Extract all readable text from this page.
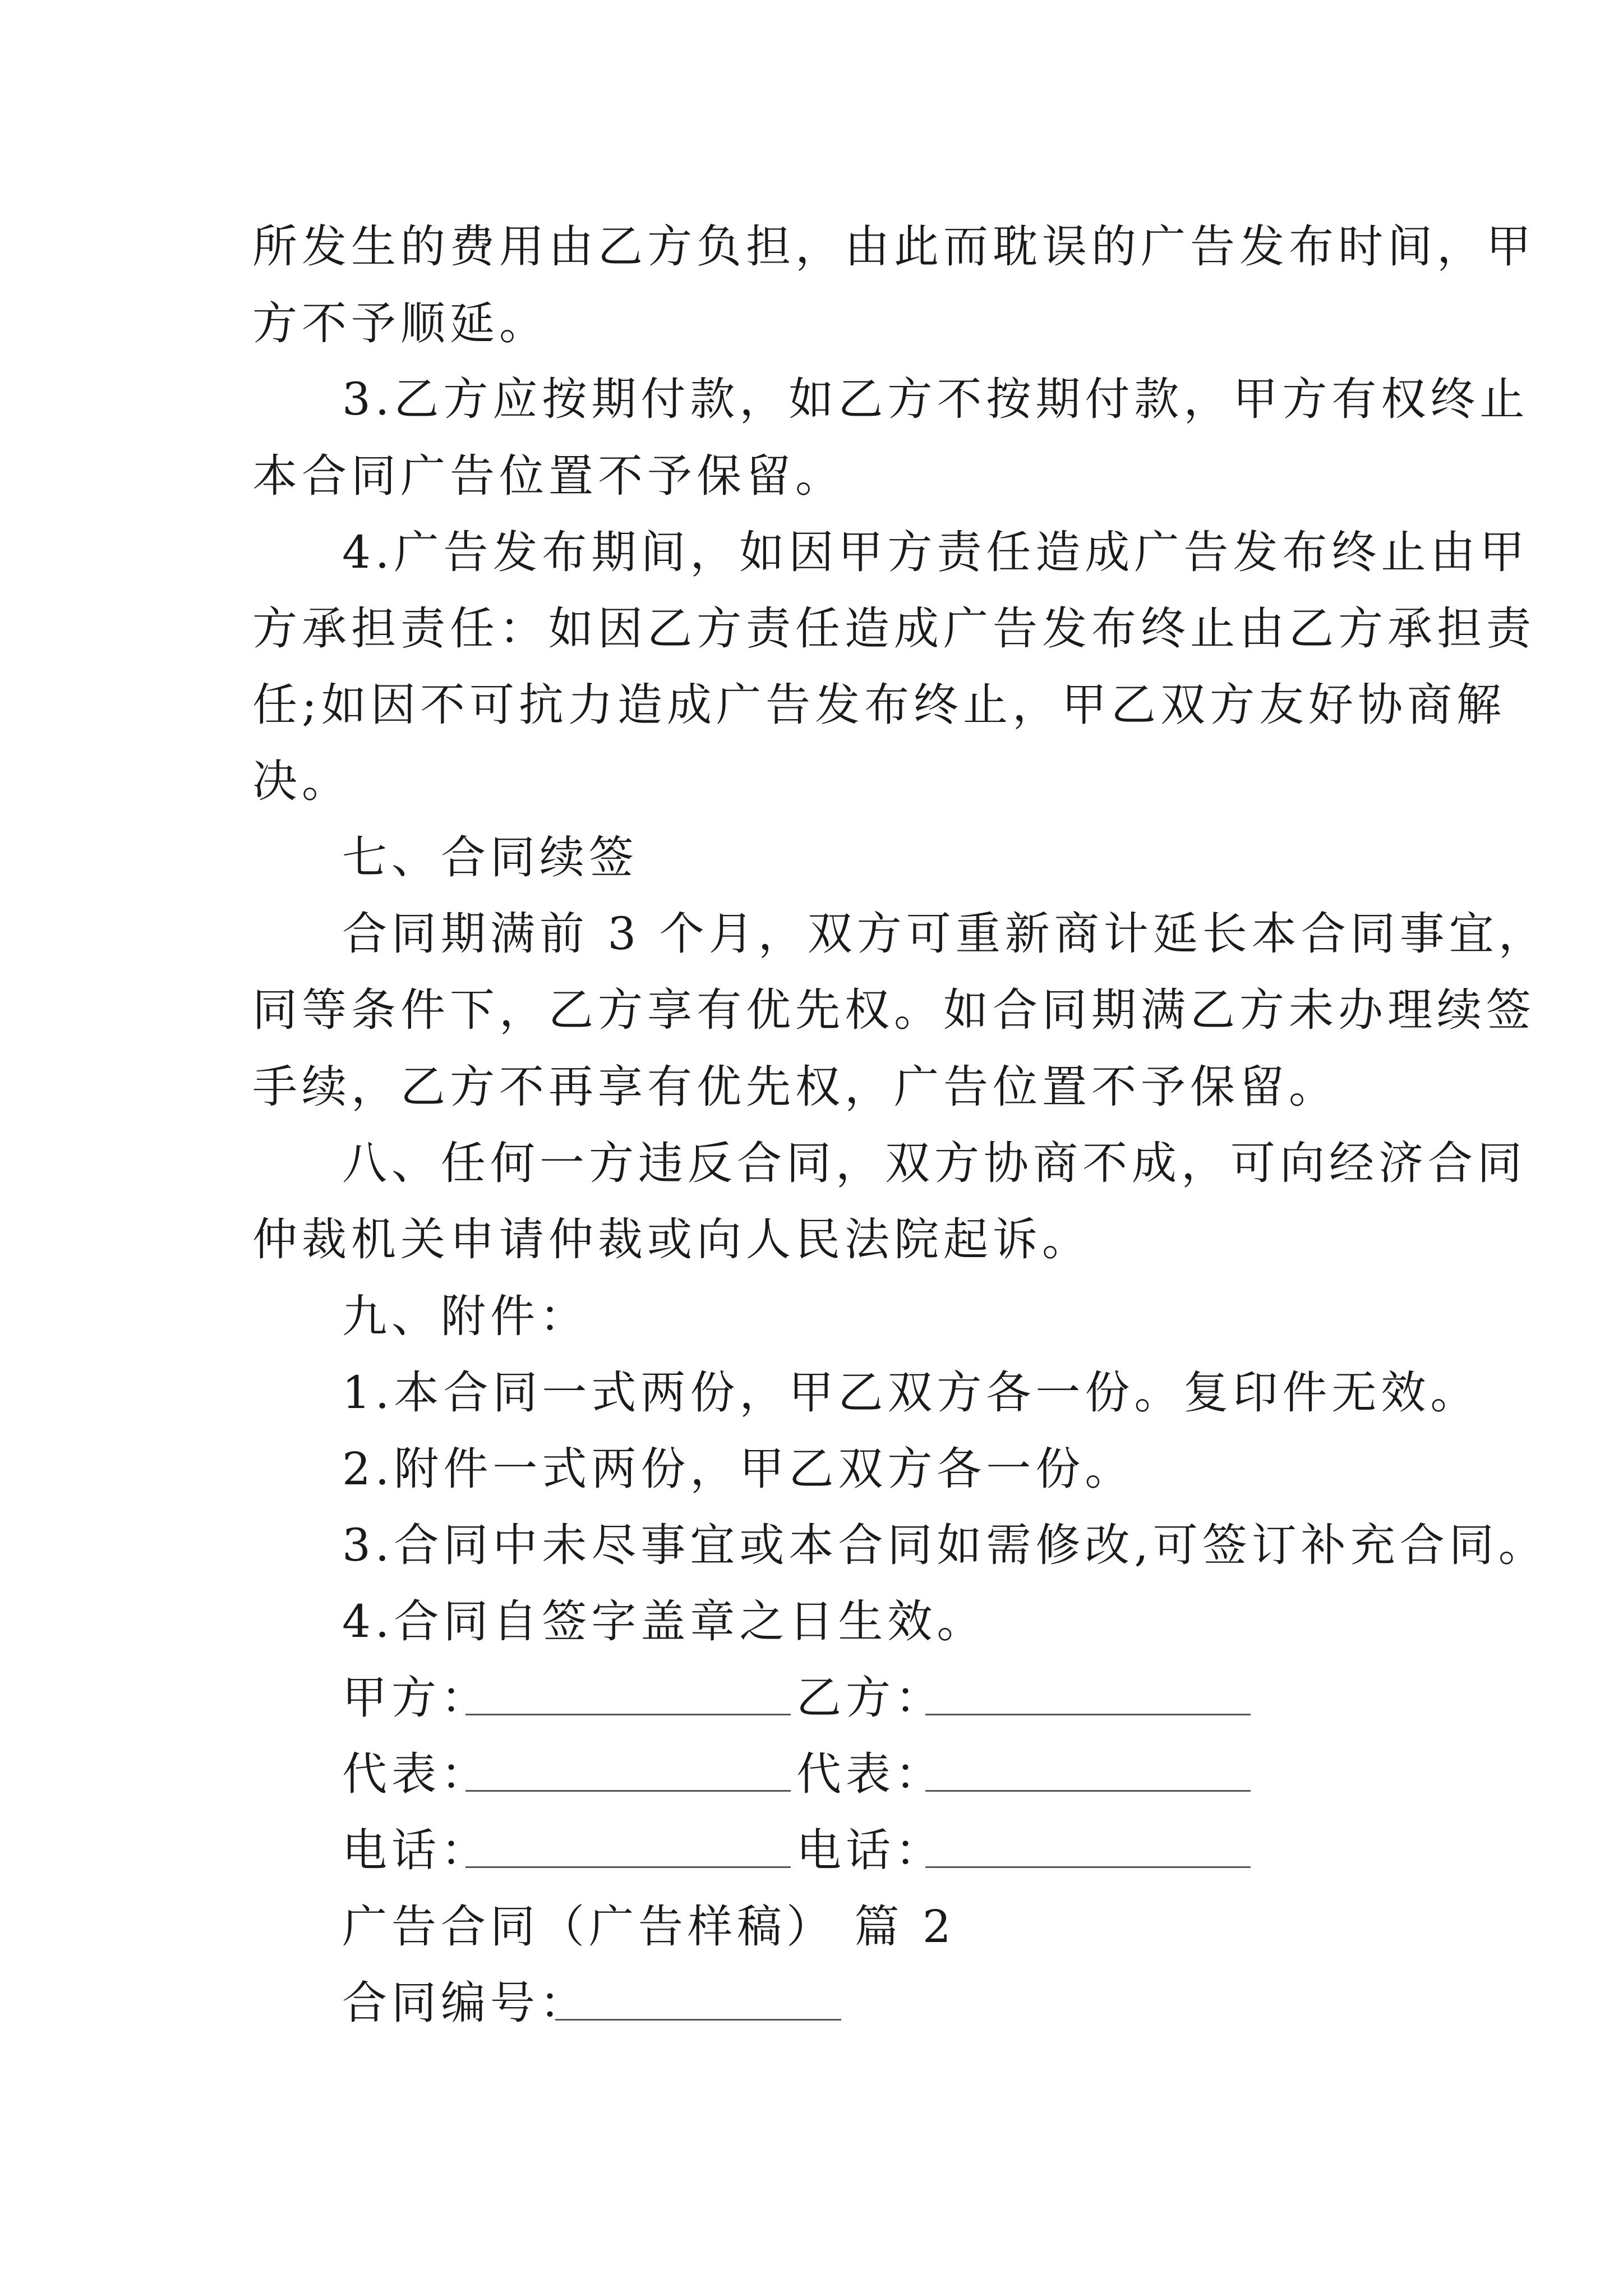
所发生的费用由乙方负担，由此而耽误的广告发布时间，甲
方不予顺延。
3.乙方应按期付款，如乙方不按期付款，甲方有权终止
本合同广告位置不予保留。
4.广告发布期间，如因甲方责任造成广告发布终止由甲
方承担责任：如因乙方责任造成广告发布终止由乙方承担责
任;如因不可抗力造成广告发布终止，甲乙双方友好协商解
决。
七、合同续签
合同期满前 3 个月，双方可重新商计延长本合同事宜，
同等条件下，乙方享有优先权。如合同期满乙方未办理续签
手续，乙方不再享有优先权，广告位置不予保留。
八、任何一方违反合同，双方协商不成，可向经济合同
仲裁机关申请仲裁或向人民法院起诉。
九、附件：
1.本合同一式两份，甲乙双方各一份。复印件无效。
2.附件一式两份，甲乙双方各一份。
3.合同中未尽事宜或本合同如需修改,可签订补充合同。
4.合同自签字盖章之日生效。
甲方：	乙方：
代表：	代表：
电话：	电话：
广告合同（广告样稿） 篇 2
合同编号：
